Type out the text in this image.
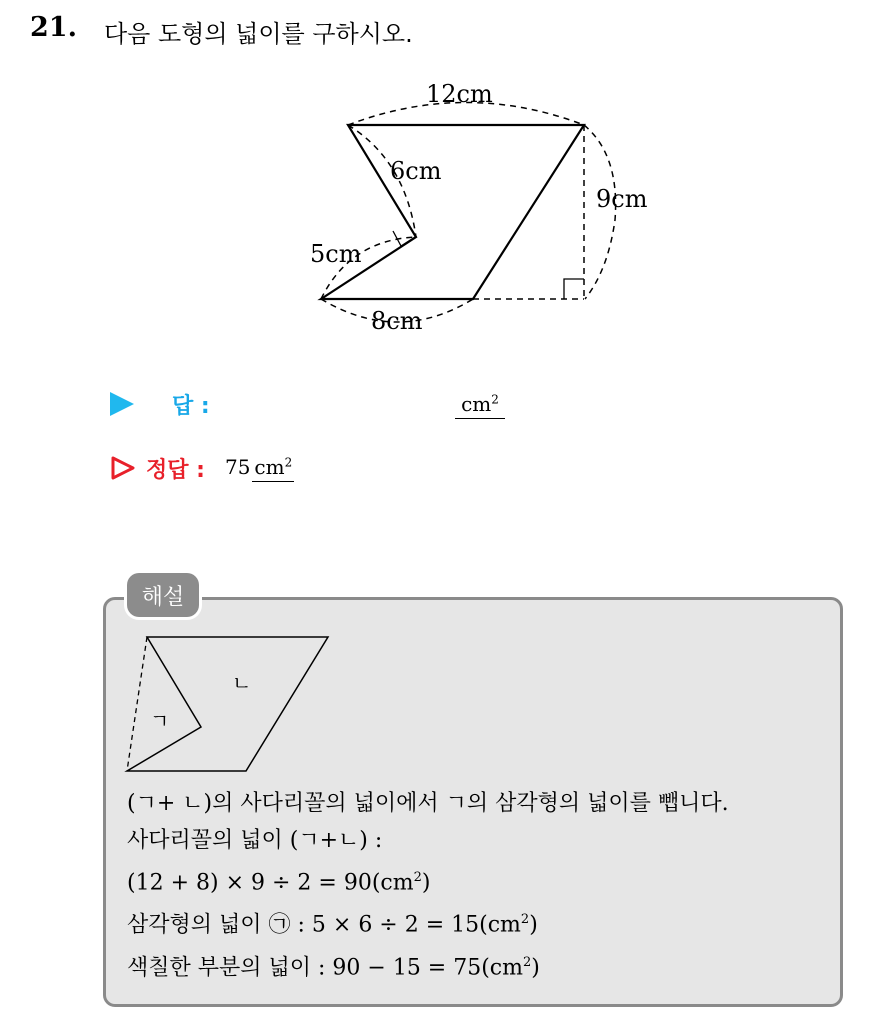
21. 다음 도형의 넓이를 구하시오.
12cm
6cm
9cm
5cm
8cm
답 :	$cm^2$
정답 : 75 $cm^2$
해설
ㄱ
ㄴ
(ㄱ+ ㄴ)의 사다리꼴의 넓이에서 ㄱ의 삼각형의 넓이를 뺍니다.
사다리꼴의 넓이 (ㄱ+ㄴ) :
$(12 + 8) \times 9 \div 2 = 90(cm^2)$
삼각형의 넓이 ㉠ : $5 \times 6 \div 2 = 15(cm^2)$
색칠한 부분의 넓이 : $90 - 15 = 75(cm^2)$
